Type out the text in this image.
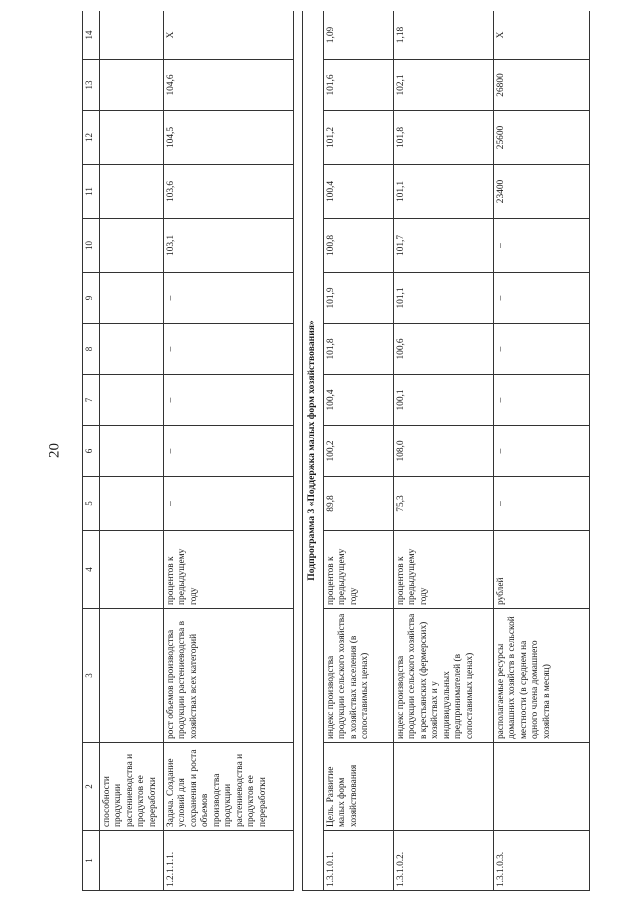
20
1	2	3	4	5	6	7	8	9	10	11	12	13	14
	способности продукции растениеводства и продуктов ее переработки												
1.2.1.1.1.	Задача. Создание условий для сохранения и роста объемов производства продукции растениеводства и продуктов ее переработки	рост объемов производства продукции растениеводства в хозяйствах всех категорий	процентов к предыдущему году	–	–	–	–	–	103,1	103,6	104,5	104,6	Х

Подпрограмма 3 «Поддержка малых форм хозяйствования»													
1.3.1.0.1.	Цель. Развитие малых форм хозяйствования	индекс производства продукции сельского хозяйства в хозяйствах населения (в сопоставимых ценах)	процентов к предыдущему году	89,8	100,2	100,4	101,8	101,9	100,8	100,4	101,2	101,6	1,09
1.3.1.0.2.		индекс производства продукции сельского хозяйства в крестьянских (фермерских) хозяйствах и у индивидуальных предпринимателей (в сопоставимых ценах)	процентов к предыдущему году	75,3	108,0	100,1	100,6	101,1	101,7	101,1	101,8	102,1	1,18
1.3.1.0.3.		располагаемые ресурсы домашних хозяйств в сельской местности (в среднем на одного члена домашнего хозяйства в месяц)	рублей	–	–	–	–	–	–	23400	25600	26800	Х
